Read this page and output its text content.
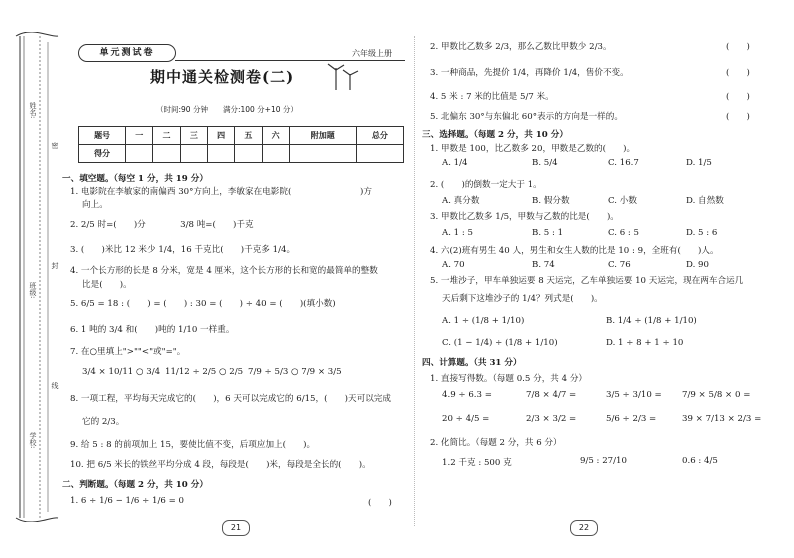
姓名:
班级:
学校:
密
封
线
单元测试卷	六年级上册
期中通关检测卷(二)
（时间:90 分钟　　满分:100 分+10 分）
题号	一	二	三	四	五	六	附加题	总分
得分								
一、填空题。（每空 1 分，共 19 分）
1. 电影院在李敏家的南偏西 30°方向上，李敏家在电影院(　　　　　　　　)方
向上。
2. 2/5 时=(　　)分　　　　3/8 吨=(　　)千克
3. (　　)米比 12 米少 1/4，16 千克比(　　)千克多 1/4。
4. 一个长方形的长是 8 分米，宽是 4 厘米，这个长方形的长和宽的最简单的整数
比是(　　)。
5. 6/5 = 18 : (　　) = (　　) : 30 = (　　) ÷ 40 = (　　)(填小数)
6. 1 吨的 3/4 和(　　)吨的 1/10 一样重。
7. 在○里填上">""<"或"="。
3/4 × 10/11 ○ 3/4 11/12 ÷ 2/5 ○ 2/5 7/9 ÷ 5/3 ○ 7/9 × 3/5
8. 一项工程，平均每天完成它的(　　)，6 天可以完成它的 6/15，(　　)天可以完成
它的 2/3。
9. 给 5 : 8 的前项加上 15，要使比值不变，后项应加上(　　)。
10. 把 6/5 米长的铁丝平均分成 4 段，每段是(　　)米，每段是全长的(　　)。
二、判断题。（每题 2 分，共 10 分）
1. 6 ÷ 1/6 − 1/6 ÷ 1/6 = 0	(　　)
21
2. 甲数比乙数多 2/3，那么乙数比甲数少 2/3。	(　　)
3. 一种商品，先提价 1/4，再降价 1/4，售价不变。	(　　)
4. 5 米 : 7 米的比值是 5/7 米。	(　　)
5. 北偏东 30°与东偏北 60°表示的方向是一样的。	(　　)
三、选择题。（每题 2 分，共 10 分）
1. 甲数是 100，比乙数多 20，甲数是乙数的(　　)。
A. 1/4	B. 5/4	C. 16.7	D. 1/5
2. (　　)的倒数一定大于 1。
A. 真分数	B. 假分数	C. 小数	D. 自然数
3. 甲数比乙数多 1/5，甲数与乙数的比是(　　)。
A. 1 : 5	B. 5 : 1	C. 6 : 5	D. 5 : 6
4. 六(2)班有男生 40 人，男生和女生人数的比是 10 : 9，全班有(　　)人。
A. 70	B. 74	C. 76	D. 90
5. 一堆沙子，甲车单独运要 8 天运完，乙车单独运要 10 天运完，现在两车合运几
天后剩下这堆沙子的 1/4？列式是(　　)。
A. 1 ÷ (1/8 + 1/10)	B. 1/4 ÷ (1/8 + 1/10)
C. (1 − 1/4) ÷ (1/8 + 1/10)	D. 1 ÷ 8 + 1 ÷ 10
四、计算题。（共 31 分）
1. 直接写得数。（每题 0.5 分，共 4 分）
4.9 ÷ 6.3 =	7/8 × 4/7 =	3/5 ÷ 3/10 = 7/9 × 5/8 × 0 =
20 ÷ 4/5 =	2/3 × 3/2 =	5/6 ÷ 2/3 =	39 × 7/13 × 2/3 =
2. 化简比。（每题 2 分，共 6 分）
1.2 千克 : 500 克	9/5 : 27/10	0.6 : 4/5
22
